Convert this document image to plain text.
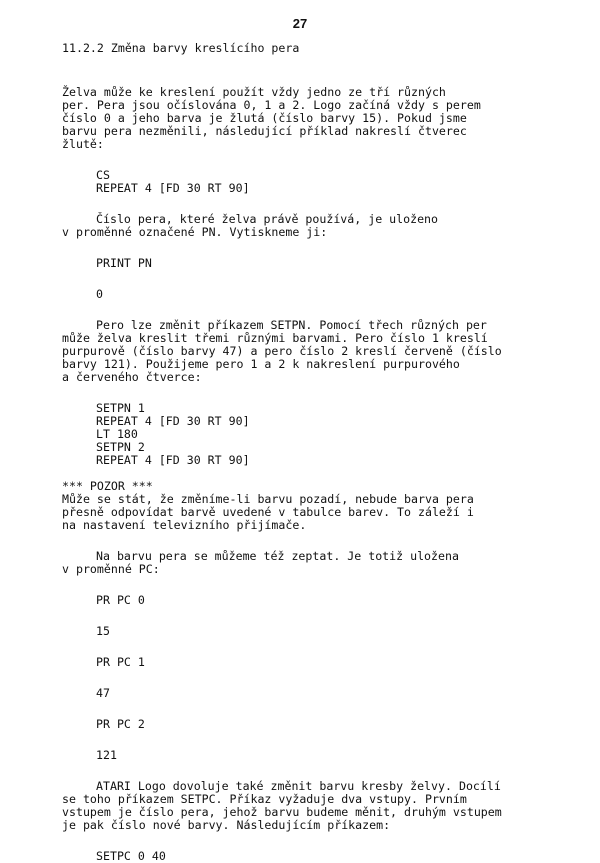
27
11.2.2 Změna barvy kreslícího pera

Želva může ke kreslení použít vždy jedno ze tří různých
per. Pera jsou očíslována 0, 1 a 2. Logo začíná vždy s perem
číslo 0 a jeho barva je žlutá (číslo barvy 15). Pokud jsme
barvu pera nezměnili, následující příklad nakreslí čtverec
žlutě:

CS
REPEAT 4 [FD 30 RT 90]

Číslo pera, které želva právě používá, je uloženo
v proměnné označené PN. Vytiskneme ji:

PRINT PN
0

Pero lze změnit příkazem SETPN. Pomocí třech různých per
může želva kreslit třemi různými barvami. Pero číslo 1 kreslí
purpurově (číslo barvy 47) a pero číslo 2 kreslí červeně (číslo
barvy 121). Použijeme pero 1 a 2 k nakreslení purpurového
a červeného čtverce:

SETPN 1
REPEAT 4 [FD 30 RT 90]
LT 180
SETPN 2
REPEAT 4 [FD 30 RT 90]
*** POZOR ***

Může se stát, že změníme-li barvu pozadí, nebude barva pera
přesně odpovídat barvě uvedené v tabulce barev. To záleží i
na nastavení televizního přijímače.

Na barvu pera se můžeme též zeptat. Je totiž uložena
v proměnné PC:

PR PC 0
15
PR PC 1
47
PR PC 2
121

ATARI Logo dovoluje také změnit barvu kresby želvy. Docílí
se toho příkazem SETPC. Příkaz vyžaduje dva vstupy. Prvním
vstupem je číslo pera, jehož barvu budeme měnit, druhým vstupem
je pak číslo nové barvy. Následujícím příkazem:

SETPC 0 40
